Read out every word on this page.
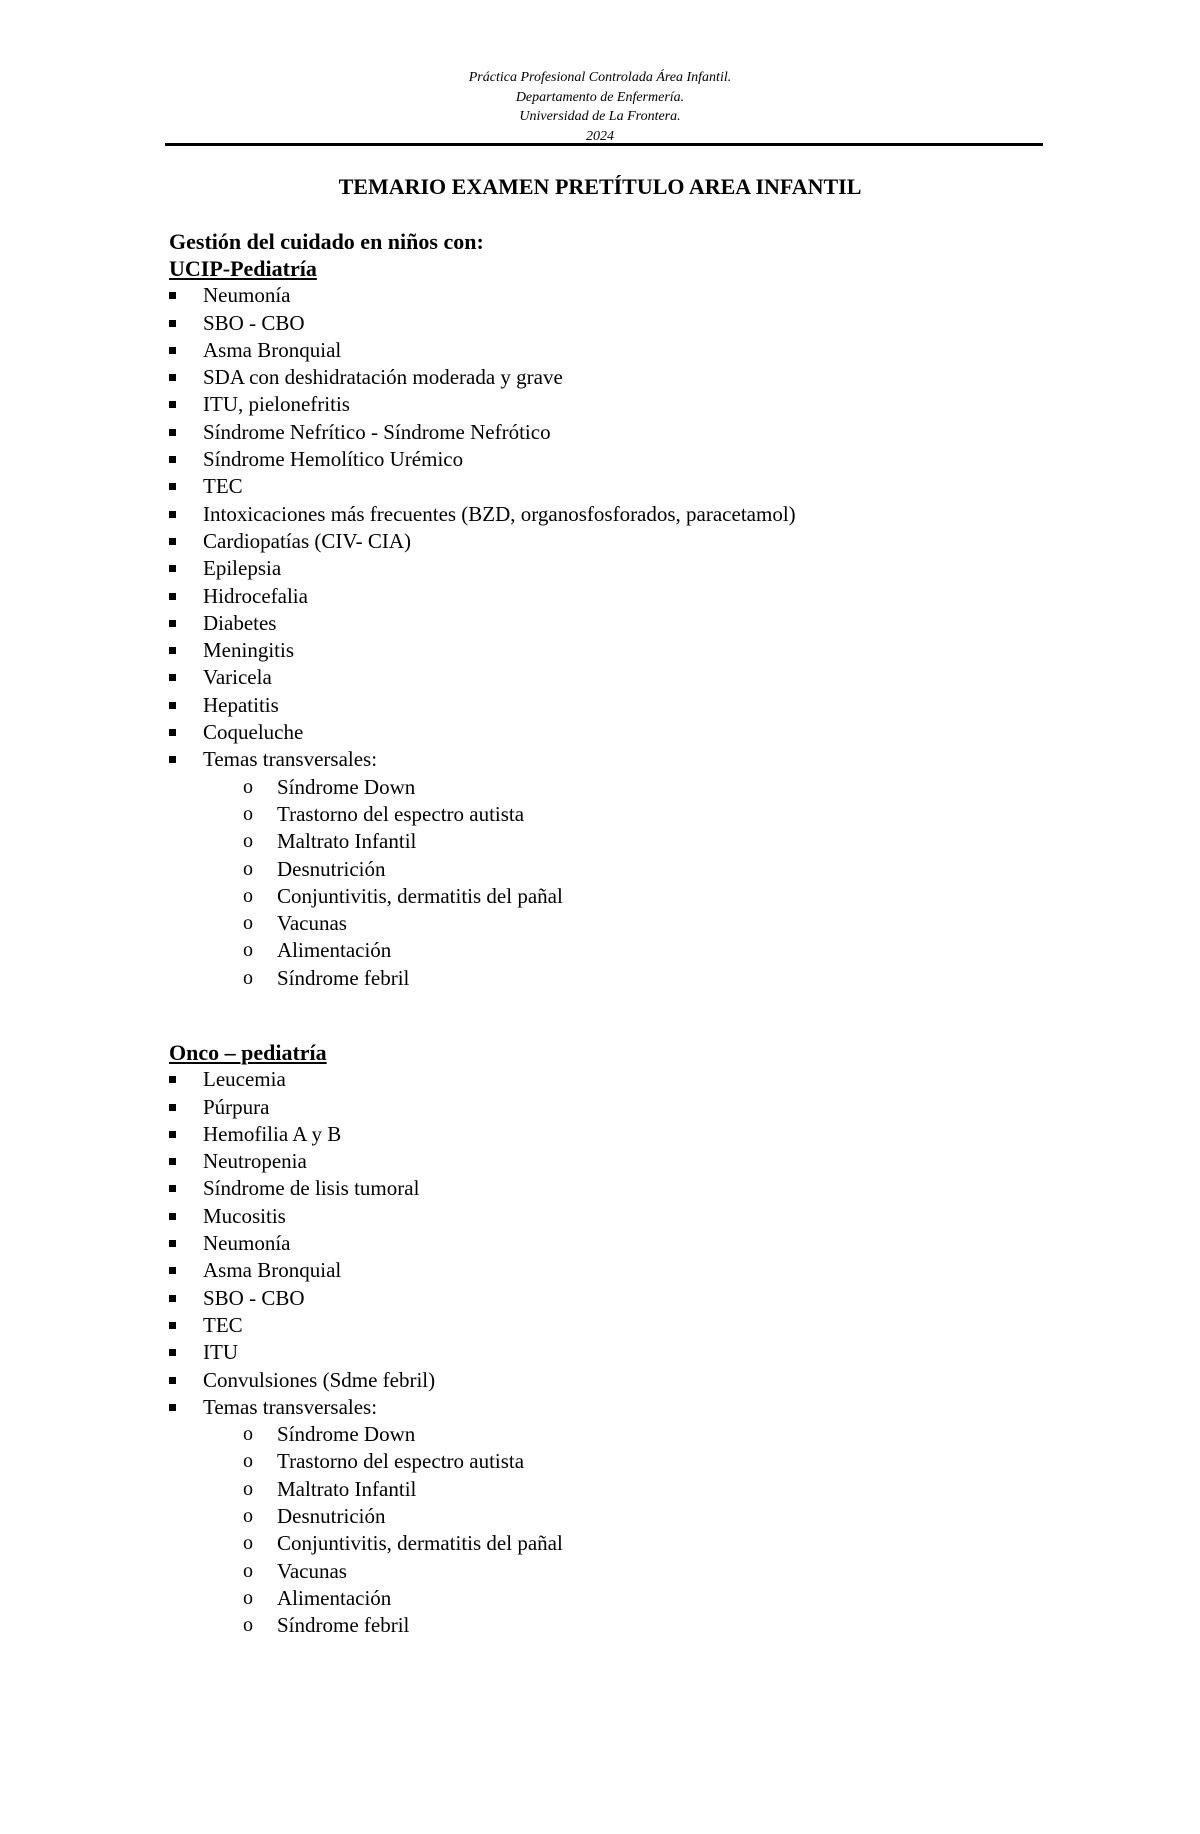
Práctica Profesional Controlada Área Infantil.
Departamento de Enfermería.
Universidad de La Frontera.
2024
TEMARIO EXAMEN PRETÍTULO AREA INFANTIL
Gestión del cuidado en niños con:
UCIP-Pediatría
Neumonía
SBO - CBO
Asma Bronquial
SDA con deshidratación moderada y grave
ITU, pielonefritis
Síndrome Nefrítico - Síndrome Nefrótico
Síndrome Hemolítico Urémico
TEC
Intoxicaciones más frecuentes (BZD, organosfosforados, paracetamol)
Cardiopatías (CIV- CIA)
Epilepsia
Hidrocefalia
Diabetes
Meningitis
Varicela
Hepatitis
Coqueluche
Temas transversales:
o Síndrome Down
o Trastorno del espectro autista
o Maltrato Infantil
o Desnutrición
o Conjuntivitis, dermatitis del pañal
o Vacunas
o Alimentación
o Síndrome febril
Onco – pediatría
Leucemia
Púrpura
Hemofilia A y B
Neutropenia
Síndrome de lisis tumoral
Mucositis
Neumonía
Asma Bronquial
SBO - CBO
TEC
ITU
Convulsiones (Sdme febril)
Temas transversales:
o Síndrome Down
o Trastorno del espectro autista
o Maltrato Infantil
o Desnutrición
o Conjuntivitis, dermatitis del pañal
o Vacunas
o Alimentación
o Síndrome febril
